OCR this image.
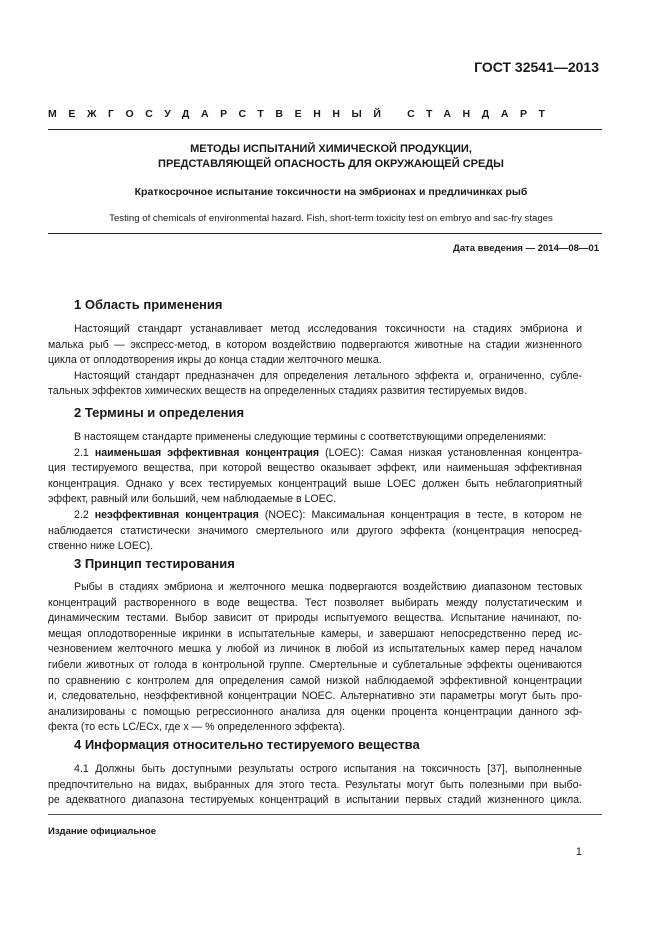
ГОСТ 32541—2013
МЕЖГОСУДАРСТВЕННЫЙ СТАНДАРТ
МЕТОДЫ ИСПЫТАНИЙ ХИМИЧЕСКОЙ ПРОДУКЦИИ,
ПРЕДСТАВЛЯЮЩЕЙ ОПАСНОСТЬ ДЛЯ ОКРУЖАЮЩЕЙ СРЕДЫ
Краткосрочное испытание токсичности на эмбрионах и предличинках рыб
Testing of chemicals of environmental hazard. Fish, short-term toxicity test on embryo and sac-fry stages
Дата введения — 2014—08—01
1 Область применения
Настоящий стандарт устанавливает метод исследования токсичности на стадиях эмбриона и
малька рыб — экспресс-метод, в котором воздействию подвергаются животные на стадии жизненного
цикла от оплодотворения икры до конца стадии желточного мешка.
Настоящий стандарт предназначен для определения летального эффекта и, ограниченно, сублe-
тальных эффектов химических веществ на определенных стадиях развития тестируемых видов.
2 Термины и определения
В настоящем стандарте применены следующие термины с соответствующими определениями:
2.1 наименьшая эффективная концентрация (LOEC): Самая низкая установленная концентра-
ция тестируемого вещества, при которой вещество оказывает эффект, или наименьшая эффективная
концентрация. Однако у всех тестируемых концентраций выше LOEC должен быть неблагоприятный
эффект, равный или больший, чем наблюдаемые в LOEC.
2.2 неэффективная концентрация (NOEC): Максимальная концентрация в тесте, в котором не
наблюдается статистически значимого смертельного или другого эффекта (концентрация непосред-
ственно ниже LOEC).
3 Принцип тестирования
Рыбы в стадиях эмбриона и желточного мешка подвергаются воздействию диапазоном тестовых
концентраций растворенного в воде вещества. Тест позволяет выбирать между полустатическим и
динамическим тестами. Выбор зависит от природы испытуемого вещества. Испытание начинают, по-
мещая оплодотворенные икринки в испытательные камеры, и завершают непосредственно перед ис-
чезновением желточного мешка у любой из личинок в любой из испытательных камер перед началом
гибели животных от голода в контрольной группе. Смертельные и сублетальные эффекты оцениваются
по сравнению с контролем для определения самой низкой наблюдаемой эффективной концентрации
и, следовательно, неэффективной концентрации NOEC. Альтернативно эти параметры могут быть про-
анализированы с помощью регрессионного анализа для оценки процента концентрации данного эф-
фекта (то есть LC/ECx, где x — % определенного эффекта).
4 Информация относительно тестируемого вещества
4.1 Должны быть доступными результаты острого испытания на токсичность [37], выполненные
предпочтительно на видах, выбранных для этого теста. Результаты могут быть полезными при выбо-
ре адекватного диапазона тестируемых концентраций в испытании первых стадий жизненного цикла.
Издание официальное
1
